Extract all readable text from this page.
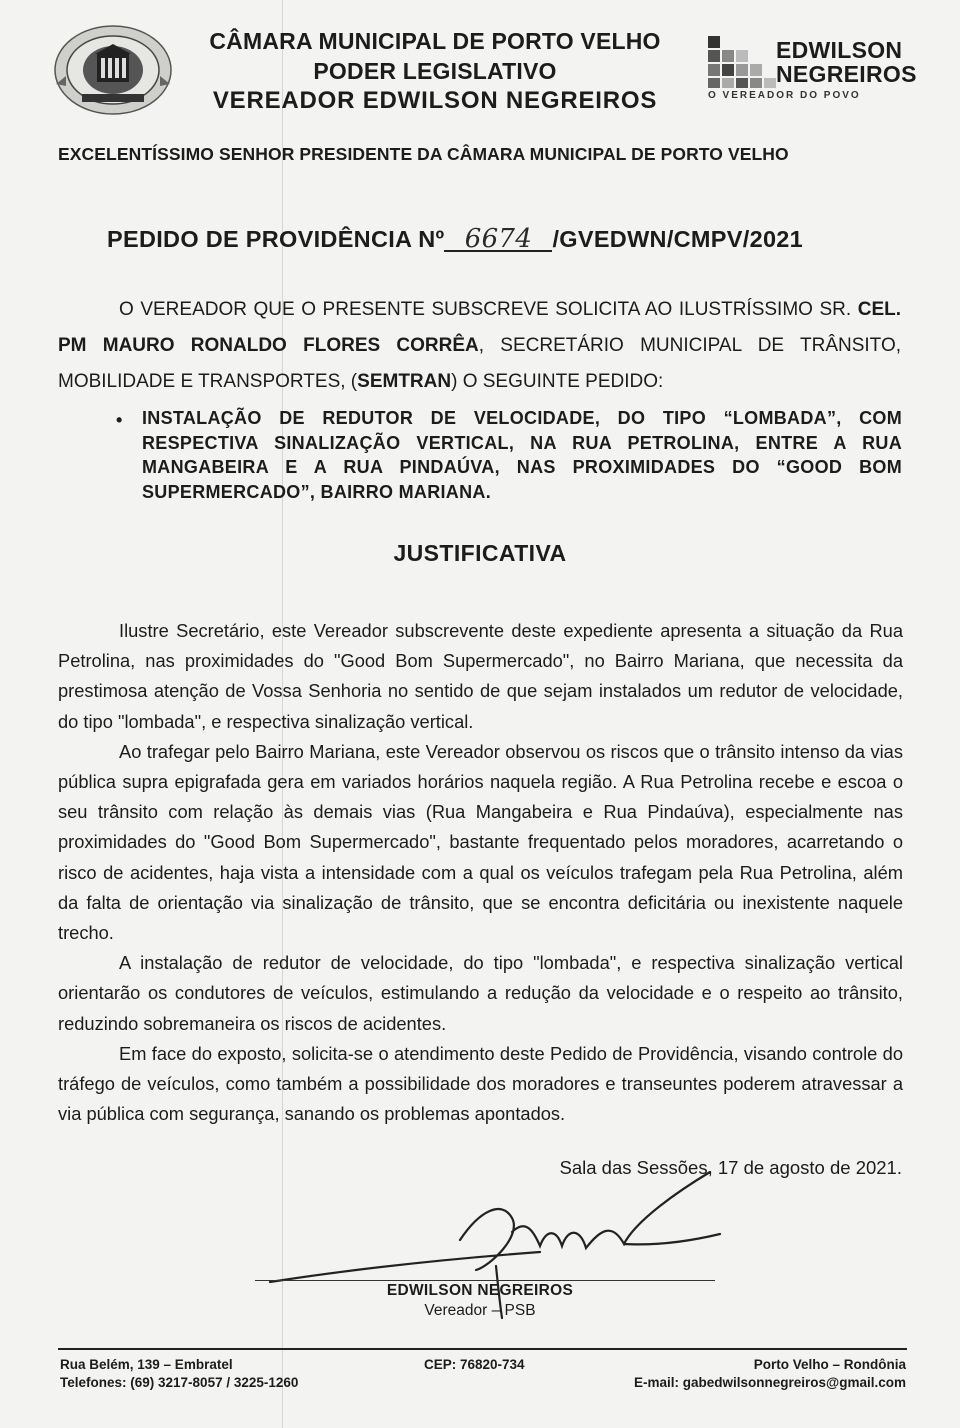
CÂMARA MUNICIPAL DE PORTO VELHO
PODER LEGISLATIVO
VEREADOR EDWILSON NEGREIROS
EDWILSON
NEGREIROS
O VEREADOR DO POVO
EXCELENTÍSSIMO SENHOR PRESIDENTE DA CÂMARA MUNICIPAL DE PORTO VELHO
PEDIDO DE PROVIDÊNCIA Nº 6674 /GVEDWN/CMPV/2021
O VEREADOR QUE O PRESENTE SUBSCREVE SOLICITA AO ILUSTRÍSSIMO SR. CEL. PM MAURO RONALDO FLORES CORRÊA, SECRETÁRIO MUNICIPAL DE TRÂNSITO, MOBILIDADE E TRANSPORTES, (SEMTRAN) O SEGUINTE PEDIDO:
• INSTALAÇÃO DE REDUTOR DE VELOCIDADE, DO TIPO “LOMBADA”, COM RESPECTIVA SINALIZAÇÃO VERTICAL, NA RUA PETROLINA, ENTRE A RUA MANGABEIRA E A RUA PINDAÚVA, NAS PROXIMIDADES DO “GOOD BOM SUPERMERCADO”, BAIRRO MARIANA.
JUSTIFICATIVA

Ilustre Secretário, este Vereador subscrevente deste expediente apresenta a situação da Rua Petrolina, nas proximidades do "Good Bom Supermercado", no Bairro Mariana, que necessita da prestimosa atenção de Vossa Senhoria no sentido de que sejam instalados um redutor de velocidade, do tipo "lombada", e respectiva sinalização vertical.

Ao trafegar pelo Bairro Mariana, este Vereador observou os riscos que o trânsito intenso da vias pública supra epigrafada gera em variados horários naquela região. A Rua Petrolina recebe e escoa o seu trânsito com relação às demais vias (Rua Mangabeira e Rua Pindaúva), especialmente nas proximidades do "Good Bom Supermercado", bastante frequentado pelos moradores, acarretando o risco de acidentes, haja vista a intensidade com a qual os veículos trafegam pela Rua Petrolina, além da falta de orientação via sinalização de trânsito, que se encontra deficitária ou inexistente naquele trecho.

A instalação de redutor de velocidade, do tipo "lombada", e respectiva sinalização vertical orientarão os condutores de veículos, estimulando a redução da velocidade e o respeito ao trânsito, reduzindo sobremaneira os riscos de acidentes.

Em face do exposto, solicita-se o atendimento deste Pedido de Providência, visando controle do tráfego de veículos, como também a possibilidade dos moradores e transeuntes poderem atravessar a via pública com segurança, sanando os problemas apontados.

Sala das Sessões, 17 de agosto de 2021.
EDWILSON NEGREIROS
Vereador – PSB
Rua Belém, 139 – Embratel
Telefones: (69) 3217-8057 / 3225-1260
CEP: 76820-734	Porto Velho – Rondônia
E-mail: gabedwilsonnegreiros@gmail.com
